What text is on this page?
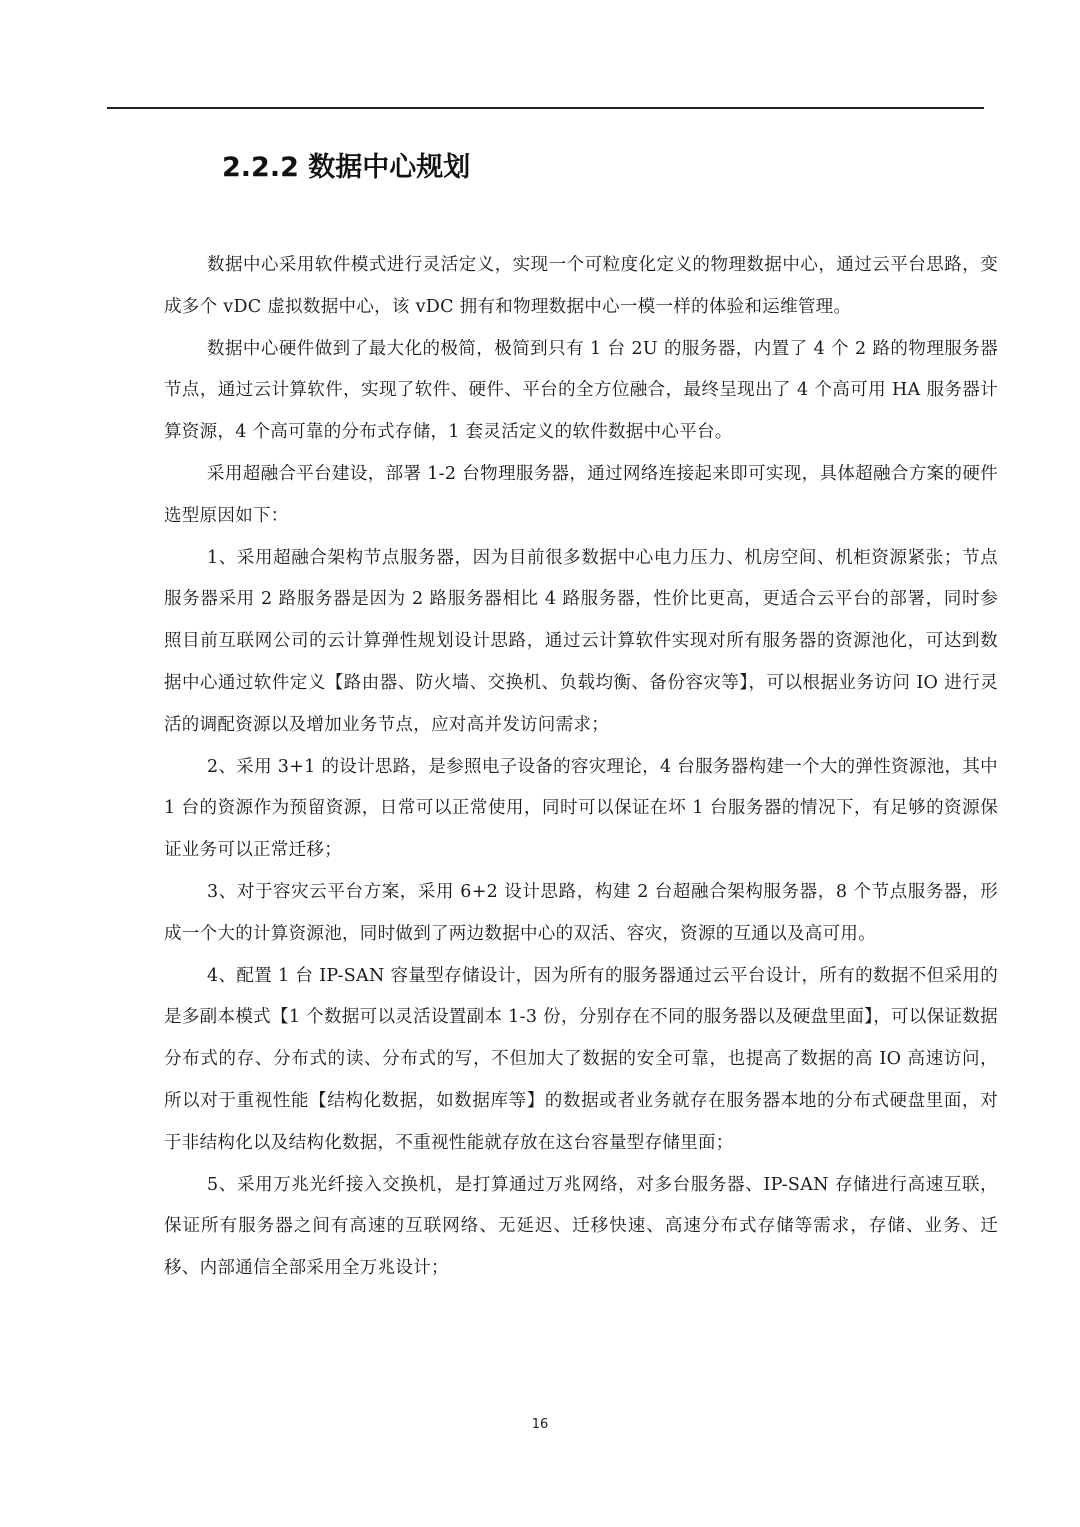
2.2.2 数据中心规划

数据中心采用软件模式进行灵活定义，实现一个可粒度化定义的物理数据中心，通过云平台思路，变成多个 vDC 虚拟数据中心，该 vDC 拥有和物理数据中心一模一样的体验和运维管理。

数据中心硬件做到了最大化的极简，极简到只有 1 台 2U 的服务器，内置了 4 个 2 路的物理服务器节点，通过云计算软件，实现了软件、硬件、平台的全方位融合，最终呈现出了 4 个高可用 HA 服务器计算资源，4 个高可靠的分布式存储，1 套灵活定义的软件数据中心平台。

采用超融合平台建设，部署 1-2 台物理服务器，通过网络连接起来即可实现，具体超融合方案的硬件选型原因如下：

1、采用超融合架构节点服务器，因为目前很多数据中心电力压力、机房空间、机柜资源紧张；节点服务器采用 2 路服务器是因为 2 路服务器相比 4 路服务器，性价比更高，更适合云平台的部署，同时参照目前互联网公司的云计算弹性规划设计思路，通过云计算软件实现对所有服务器的资源池化，可达到数据中心通过软件定义【路由器、防火墙、交换机、负载均衡、备份容灾等】，可以根据业务访问 IO 进行灵活的调配资源以及增加业务节点，应对高并发访问需求；

2、采用 3+1 的设计思路，是参照电子设备的容灾理论，4 台服务器构建一个大的弹性资源池，其中 1 台的资源作为预留资源，日常可以正常使用，同时可以保证在坏 1 台服务器的情况下，有足够的资源保证业务可以正常迁移；

3、对于容灾云平台方案，采用 6+2 设计思路，构建 2 台超融合架构服务器，8 个节点服务器，形成一个大的计算资源池，同时做到了两边数据中心的双活、容灾，资源的互通以及高可用。

4、配置 1 台 IP-SAN 容量型存储设计，因为所有的服务器通过云平台设计，所有的数据不但采用的是多副本模式【1 个数据可以灵活设置副本 1-3 份，分别存在不同的服务器以及硬盘里面】，可以保证数据分布式的存、分布式的读、分布式的写，不但加大了数据的安全可靠，也提高了数据的高 IO 高速访问，所以对于重视性能【结构化数据，如数据库等】的数据或者业务就存在服务器本地的分布式硬盘里面，对于非结构化以及结构化数据，不重视性能就存放在这台容量型存储里面；

5、采用万兆光纤接入交换机，是打算通过万兆网络，对多台服务器、IP-SAN 存储进行高速互联，保证所有服务器之间有高速的互联网络、无延迟、迁移快速、高速分布式存储等需求，存储、业务、迁移、内部通信全部采用全万兆设计；

16
